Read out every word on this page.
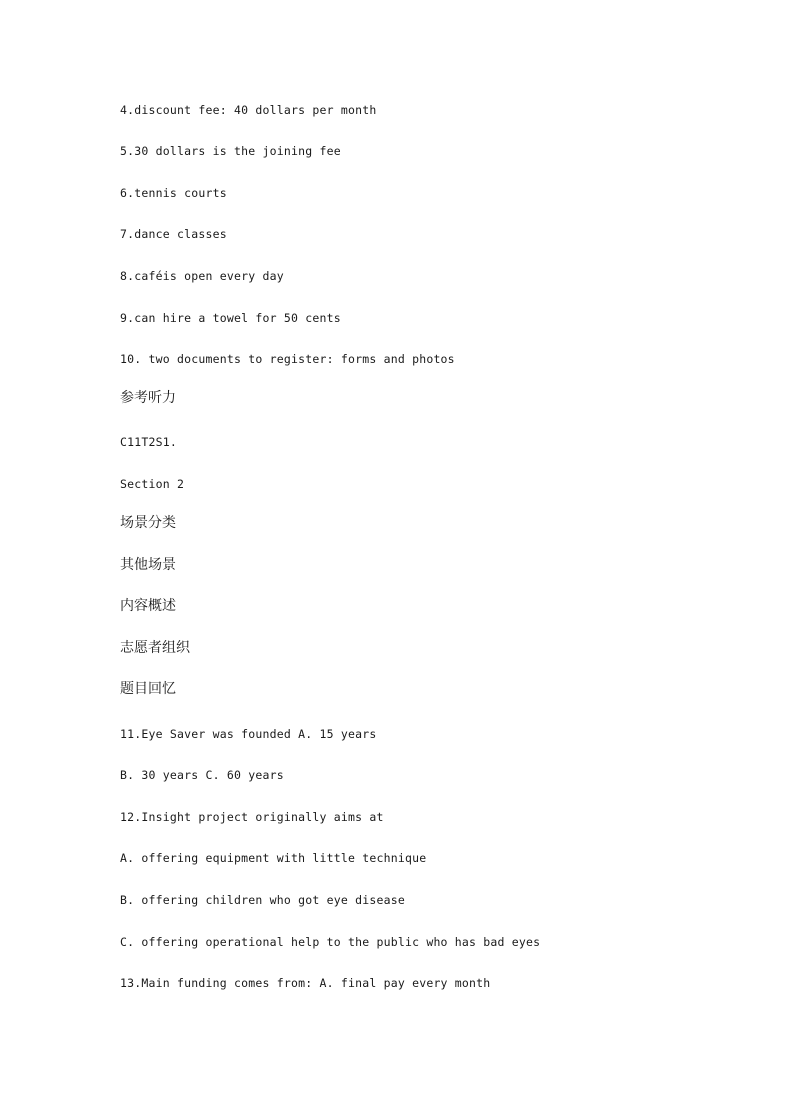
4.discount fee: 40 dollars per month
5.30 dollars is the joining fee
6.tennis courts
7.dance classes
8.caféis open every day
9.can hire a towel for 50 cents
10. two documents to register: forms and photos
参考听力
C11T2S1.
Section 2
场景分类
其他场景
内容概述
志愿者组织
题目回忆
11.Eye Saver was founded A. 15 years
B. 30 years C. 60 years
12.Insight project originally aims at
A. offering equipment with little technique
B. offering children who got eye disease
C. offering operational help to the public who has bad eyes
13.Main funding comes from: A. final pay every month
